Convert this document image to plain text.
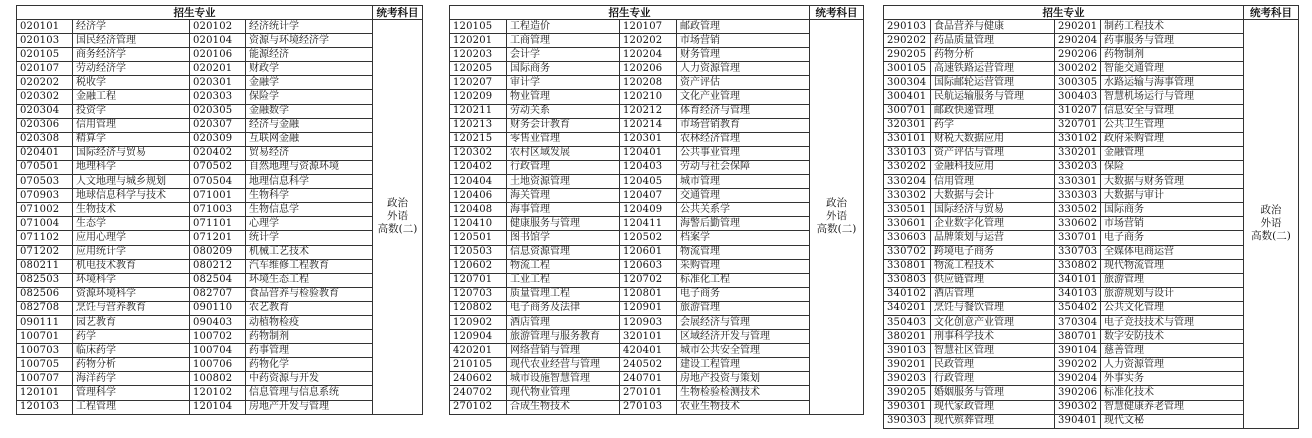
招生专业				统考科目
020101	经济学	020102	经济统计学	政治
外语
高数(二)

020103	国民经济管理	020104	资源与环境经济学	
020105	商务经济学	020106	能源经济	
020107	劳动经济学	020201	财政学	
020202	税收学	020301	金融学	
020302	金融工程	020303	保险学	
020304	投资学	020305	金融数学	
020306	信用管理	020307	经济与金融	
020308	精算学	020309	互联网金融	
020401	国际经济与贸易	020402	贸易经济	
070501	地理科学	070502	自然地理与资源环境	
070503	人文地理与城乡规划	070504	地理信息科学	
070903	地球信息科学与技术	071001	生物科学	
071002	生物技术	071003	生物信息学	
071004	生态学	071101	心理学	
071102	应用心理学	071201	统计学	
071202	应用统计学	080209	机械工艺技术	
080211	机电技术教育	080212	汽车维修工程教育	
082503	环境科学	082504	环境生态工程	
082506	资源环境科学	082707	食品营养与检验教育	
082708	烹饪与营养教育	090110	农艺教育	
090111	园艺教育	090403	动植物检疫	
100701	药学	100702	药物制剂	
100703	临床药学	100704	药事管理	
100705	药物分析	100706	药物化学	
100707	海洋药学	100802	中药资源与开发	
120101	管理科学	120102	信息管理与信息系统	
120103	工程管理	120104	房地产开发与管理	
招生专业				统考科目
120105	工程造价	120107	邮政管理	政治
外语
高数(二)

120201	工商管理	120202	市场营销	
120203	会计学	120204	财务管理	
120205	国际商务	120206	人力资源管理	
120207	审计学	120208	资产评估	
120209	物业管理	120210	文化产业管理	
120211	劳动关系	120212	体育经济与管理	
120213	财务会计教育	120214	市场营销教育	
120215	零售业管理	120301	农林经济管理	
120302	农村区域发展	120401	公共事业管理	
120402	行政管理	120403	劳动与社会保障	
120404	土地资源管理	120405	城市管理	
120406	海关管理	120407	交通管理	
120408	海事管理	120409	公共关系学	
120410	健康服务与管理	120411	海警后勤管理	
120501	图书馆学	120502	档案学	
120503	信息资源管理	120601	物流管理	
120602	物流工程	120603	采购管理	
120701	工业工程	120702	标准化工程	
120703	质量管理工程	120801	电子商务	
120802	电子商务及法律	120901	旅游管理	
120902	酒店管理	120903	会展经济与管理	
120904	旅游管理与服务教育	320101	区域经济开发与管理	
420201	网络营销与管理	420401	城市公共安全管理	
210105	现代农业经营与管理	240502	建设工程管理	
240602	城市设施智慧管理	240701	房地产投资与策划	
240702	现代物业管理	270101	生物检验检测技术	
270102	合成生物技术	270103	农业生物技术	
招生专业				统考科目
290103	食品营养与健康	290201	制药工程技术	政治
外语
高数(二)

290202	药品质量管理	290204	药事服务与管理	
290205	药物分析	290206	药物制剂	
300105	高速铁路运营管理	300202	智能交通管理	
300304	国际邮轮运营管理	300305	水路运输与海事管理	
300401	民航运输服务与管理	300403	智慧机场运行与管理	
300701	邮政快递管理	310207	信息安全与管理	
320301	药学	320701	公共卫生管理	
330101	财税大数据应用	330102	政府采购管理	
330103	资产评估与管理	330201	金融管理	
330202	金融科技应用	330203	保险	
330204	信用管理	330301	大数据与财务管理	
330302	大数据与会计	330303	大数据与审计	
330501	国际经济与贸易	330502	国际商务	
330601	企业数字化管理	330602	市场营销	
330603	品牌策划与运营	330701	电子商务	
330702	跨境电子商务	330703	全媒体电商运营	
330801	物流工程技术	330802	现代物流管理	
330803	供应链管理	340101	旅游管理	
340102	酒店管理	340103	旅游规划与设计	
340201	烹饪与餐饮管理	350402	公共文化管理	
350403	文化创意产业管理	370304	电子竞技技术与管理	
380201	刑事科学技术	380701	数字安防技术	
390103	智慧社区管理	390104	慈善管理	
390201	民政管理	390202	人力资源管理	
390203	行政管理	390204	外事实务	
390205	婚姻服务与管理	390206	标准化技术	
390301	现代家政管理	390302	智慧健康养老管理	
390303	现代殡葬管理	390401	现代文秘	
